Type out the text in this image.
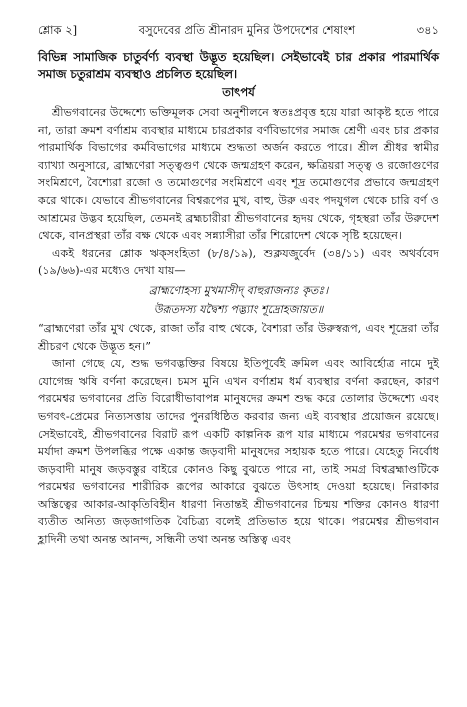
শ্লোক ২]	বসুদেবের প্রতি শ্রীনারদ মুনির উপদেশের শেষাংশ	৩৪১
বিভিন্ন সামাজিক চাতুর্বর্ণ্য ব্যবস্থা উদ্ভূত হয়েছিল। সেইভাবেই চার প্রকার পারমার্থিক সমাজ চতুরাশ্রম ব্যবস্থাও প্রচলিত হয়েছিল।
তাৎপর্য

শ্রীভগবানের উদ্দেশ্যে ভক্তিমূলক সেবা অনুশীলনে স্বতঃপ্রবৃত্ত হয়ে যারা আকৃষ্ট হতে পারে না, তারা ক্রমশ বর্ণাশ্রম ব্যবস্থার মাধ্যমে চারপ্রকার বর্ণবিভাগের সমাজ শ্রেণী এবং চার প্রকার পারমার্থিক বিভাগের কর্মবিভাগের মাধ্যমে শুদ্ধতা অর্জন করতে পারে। শ্রীল শ্রীধর স্বামীর ব্যাখ্যা অনুসারে, ব্রাহ্মণেরা সত্ত্বগুণ থেকে জন্মগ্রহণ করেন, ক্ষত্রিয়রা সত্ত্ব ও রজোগুণের সংমিশ্রণে, বৈশ্যেরা রজো ও তমোগুণের সংমিশ্রণে এবং শূদ্র তমোগুণের প্রভাবে জন্মগ্রহণ করে থাকে। যেভাবে শ্রীভগবানের বিশ্বরূপের মুখ, বাহু, উরু এবং পদযুগল থেকে চারি বর্ণ ও আশ্রমের উদ্ভব হয়েছিল, তেমনই ব্রহ্মচারীরা শ্রীভগবানের হৃদয় থেকে, গৃহস্থরা তাঁর উরুদেশ থেকে, বানপ্রস্থরা তাঁর বক্ষ থেকে এবং সন্ন্যাসীরা তাঁর শিরোদেশ থেকে সৃষ্টি হয়েছেন।

একই ধরনের শ্লোক ঋক্‌সংহিতা (৮/৪/১৯), শুক্লযজুর্বেদ (৩৪/১১) এবং অথর্ববেদ (১৯/৬৬)-এর মধ্যেও দেখা যায়—

ব্রাহ্মণোহস্য মুখমাসীদ্ বাহুরাজন্যঃ কৃতঃ।
উরূতদস্য যদ্বৈশ্য পদ্ভ্যাং শূদ্রোহজায়ত॥

“ব্রাহ্মণেরা তাঁর মুখ থেকে, রাজা তাঁর বাহু থেকে, বৈশ্যরা তাঁর উরুস্বরূপ, এবং শূদ্রেরা তাঁর শ্রীচরণ থেকে উদ্ভূত হন।”

জানা গেছে যে, শুদ্ধ ভগবদ্ভক্তির বিষয়ে ইতিপূর্বেই ক্রমিল এবং আবির্হোত্র নামে দুই যোগেন্দ্র ঋষি বর্ণনা করেছেন। চমস মুনি এখন বর্ণাশ্রম ধর্ম ব্যবস্থার বর্ণনা করছেন, কারণ পরমেশ্বর ভগবানের প্রতি বিরোধীভাবাপন্ন মানুষদের ক্রমশ শুদ্ধ করে তোলার উদ্দেশ্যে এবং ভগবৎ-প্রেমের নিত্যসত্তায় তাদের পুনরধিষ্ঠিত করবার জন্য এই ব্যবস্থার প্রয়োজন রয়েছে। সেইভাবেই, শ্রীভগবানের বিরাট রূপ একটি কাল্পনিক রূপ যার মাধ্যমে পরমেশ্বর ভগবানের মর্যাদা ক্রমশ উপলব্ধির পক্ষে একান্ত জড়বাদী মানুষদের সহায়ক হতে পারে। যেহেতু নির্বোধ জড়বাদী মানুষ জড়বস্তুর বাইরে কোনও কিছু বুঝতে পারে না, তাই সমগ্র বিশ্বব্রহ্মাণ্ডটিকে পরমেশ্বর ভগবানের শারীরিক রূপের আকারে বুঝতে উৎসাহ দেওয়া হয়েছে। নিরাকার অস্তিত্বের আকার-আকৃতিবিহীন ধারণা নিতান্তই শ্রীভগবানের চিন্ময় শক্তির কোনও ধারণা ব্যতীত অনিত্য জড়জাগতিক বৈচিত্র্য বলেই প্রতিভাত হয়ে থাকে। পরমেশ্বর শ্রীভগবান হ্লাদিনী তথা অনন্ত আনন্দ, সন্ধিনী তথা অনন্ত অস্তিত্ব এবং
